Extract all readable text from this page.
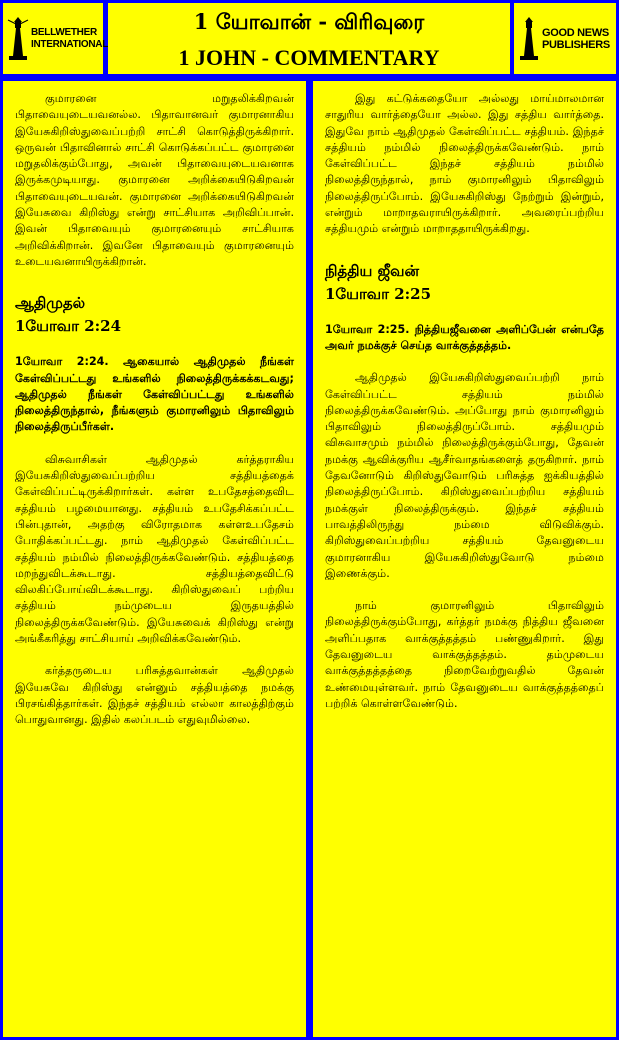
BELLWETHER INTERNATIONAL
1 யோவான் - விரிவுரை
1 JOHN - COMMENTARY
GOOD NEWS PUBLISHERS

குமாரனை மறுதலிக்கிறவன் பிதாவையுடையவனல்ல. பிதாவானவர் குமாரனாகிய இயேசுகிறிஸ்துவைப்பற்றி சாட்சி கொடுத்திருக்கிறார். ஒருவன் பிதாவினால் சாட்சி கொடுக்கப்பட்ட குமாரனை மறுதலிக்கும்போது, அவன் பிதாவையுடையவனாக இருக்கமுடியாது. குமாரனை அறிக்கையிடுகிறவன் பிதாவையுடையவன். குமாரனை அறிக்கையிடுகிறவன் இயேசுவை கிறிஸ்து என்று சாட்சியாக அறிவிப்பான். இவன் பிதாவையும் குமாரனையும் சாட்சியாக அறிவிக்கிறான். இவனே பிதாவையும் குமாரனையும் உடையவனாயிருக்கிறான்.

ஆதிமுதல்
1யோவா 2:24

1யோவா 2:24. ஆகையால் ஆதிமுதல் நீங்கள் கேள்விப்பட்டது உங்களில் நிலைத்திருக்கக்கடவது; ஆதிமுதல் நீங்கள் கேள்விப்பட்டது உங்களில் நிலைத்திருந்தால், நீங்களும் குமாரனிலும் பிதாவிலும் நிலைத்திருப்பீர்கள்.

விசுவாசிகள் ஆதிமுதல் கர்த்தராகிய இயேசுகிறிஸ்துவைப்பற்றிய சத்தியத்தைக் கேள்விப்பட்டிருக்கிறார்கள். கள்ள உபதேசத்தைவிட சத்தியம் பழமையானது. சத்தியம் உபதேசிக்கப்பட்ட பின்புதான், அதற்கு விரோதமாக கள்ளஉபதேசம் போதிக்கப்பட்டது. நாம் ஆதிமுதல் கேள்விப்பட்ட சத்தியம் நம்மில் நிலைத்திருக்கவேண்டும். சத்தியத்தை மறந்துவிடக்கூடாது. சத்தியத்தைவிட்டு விலகிப்போய்விடக்கூடாது. கிறிஸ்துவைப் பற்றிய சத்தியம் நம்முடைய இருதயத்தில் நிலைத்திருக்கவேண்டும். இயேசுவைக் கிறிஸ்து என்று அங்கீகரித்து சாட்சியாய் அறிவிக்கவேண்டும்.

கர்த்தருடைய பரிசுத்தவான்கள் ஆதிமுதல் இயேசுவே கிறிஸ்து என்னும் சத்தியத்தை நமக்கு பிரசங்கித்தார்கள். இந்தச் சத்தியம் எல்லா காலத்திற்கும் பொதுவானது. இதில் கலப்படம் எதுவுமில்லை.

இது கட்டுக்கதையோ அல்லது மாய்மாலமான சாதுரிய வார்த்தையோ அல்ல. இது சத்திய வார்த்தை. இதுவே நாம் ஆதிமுதல் கேள்விப்பட்ட சத்தியம். இந்தச் சத்தியம் நம்மில் நிலைத்திருக்கவேண்டும். நாம் கேள்விப்பட்ட இந்தச் சத்தியம் நம்மில் நிலைத்திருந்தால், நாம் குமாரனிலும் பிதாவிலும் நிலைத்திருப்போம். இயேசுகிறிஸ்து நேற்றும் இன்றும், என்றும் மாறாதவராயிருக்கிறார். அவரைப்பற்றிய சத்தியமும் என்றும் மாறாததாயிருக்கிறது.

நித்திய ஜீவன்
1யோவா 2:25

1யோவா 2:25. நித்தியஜீவனை அளிப்பேன் என்பதே அவர் நமக்குச் செய்த வாக்குத்தத்தம்.

ஆதிமுதல் இயேசுகிறிஸ்துவைப்பற்றி நாம் கேள்விப்பட்ட சத்தியம் நம்மில் நிலைத்திருக்கவேண்டும். அப்போது நாம் குமாரனிலும் பிதாவிலும் நிலைத்திருப்போம். சத்தியமும் விசுவாசமும் நம்மில் நிலைத்திருக்கும்போது, தேவன் நமக்கு ஆவிக்குரிய ஆசீர்வாதங்களைத் தருகிறார். நாம் தேவனோடும் கிறிஸ்துவோடும் பரிசுத்த ஐக்கியத்தில் நிலைத்திருப்போம். கிறிஸ்துவைப்பற்றிய சத்தியம் நமக்குள் நிலைத்திருக்கும். இந்தச் சத்தியம் பாவத்திலிருந்து நம்மை விடுவிக்கும். கிறிஸ்துவைப்பற்றிய சத்தியம் தேவனுடைய குமாரனாகிய இயேசுகிறிஸ்துவோடு நம்மை இணைக்கும்.

நாம் குமாரனிலும் பிதாவிலும் நிலைத்திருக்கும்போது, கர்த்தர் நமக்கு நித்திய ஜீவனை அளிப்பதாக வாக்குத்தத்தம் பண்ணுகிறார். இது தேவனுடைய வாக்குத்தத்தம். தம்முடைய வாக்குத்தத்தத்தை நிறைவேற்றுவதில் தேவன் உண்மையுள்ளவர். நாம் தேவனுடைய வாக்குத்தத்தைப் பற்றிக் கொள்ளவேண்டும்.
